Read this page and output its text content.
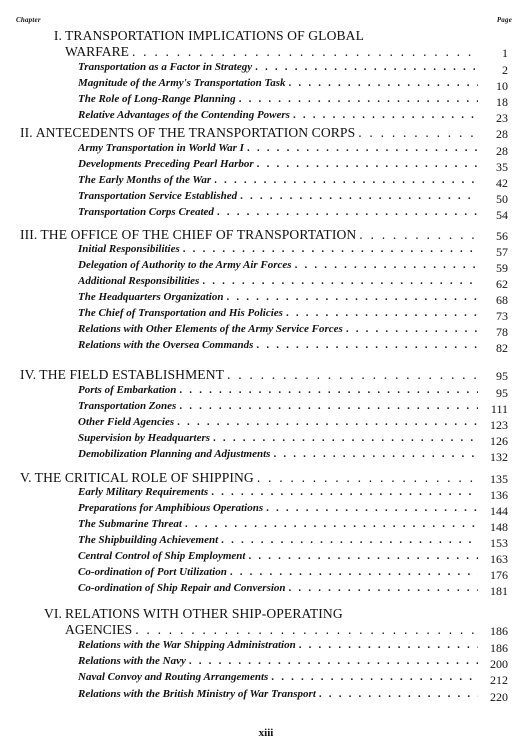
Chapter	Page
I. TRANSPORTATION IMPLICATIONS OF GLOBAL
WARFARE . . .	1
Transportation as a Factor in Strategy . . .	2
Magnitude of the Army's Transportation Task . . .	10
The Role of Long-Range Planning . . .	18
Relative Advantages of the Contending Powers . . .	23
II. ANTECEDENTS OF THE TRANSPORTATION CORPS . . .	28
Army Transportation in World War I . . .	28
Developments Preceding Pearl Harbor . . .	35
The Early Months of the War . . .	42
Transportation Service Established . . .	50
Transportation Corps Created . . .	54
III. THE OFFICE OF THE CHIEF OF TRANSPORTATION . . .	56
Initial Responsibilities . . .	57
Delegation of Authority to the Army Air Forces . . .	59
Additional Responsibilities . . .	62
The Headquarters Organization . . .	68
The Chief of Transportation and His Policies . . .	73
Relations with Other Elements of the Army Service Forces . . .	78
Relations with the Oversea Commands . . .	82
IV. THE FIELD ESTABLISHMENT . . .	95
Ports of Embarkation . . .	95
Transportation Zones . . .	111
Other Field Agencies . . .	123
Supervision by Headquarters . . .	126
Demobilization Planning and Adjustments . . .	132
V. THE CRITICAL ROLE OF SHIPPING . . .	135
Early Military Requirements . . .	136
Preparations for Amphibious Operations . . .	144
The Submarine Threat . . .	148
The Shipbuilding Achievement . . .	153
Central Control of Ship Employment . . .	163
Co-ordination of Port Utilization . . .	176
Co-ordination of Ship Repair and Conversion . . .	181
VI. RELATIONS WITH OTHER SHIP-OPERATING
AGENCIES . . .	186
Relations with the War Shipping Administration . . .	186
Relations with the Navy . . .	200
Naval Convoy and Routing Arrangements . . .	212
Relations with the British Ministry of War Transport . . .	220
xiii
